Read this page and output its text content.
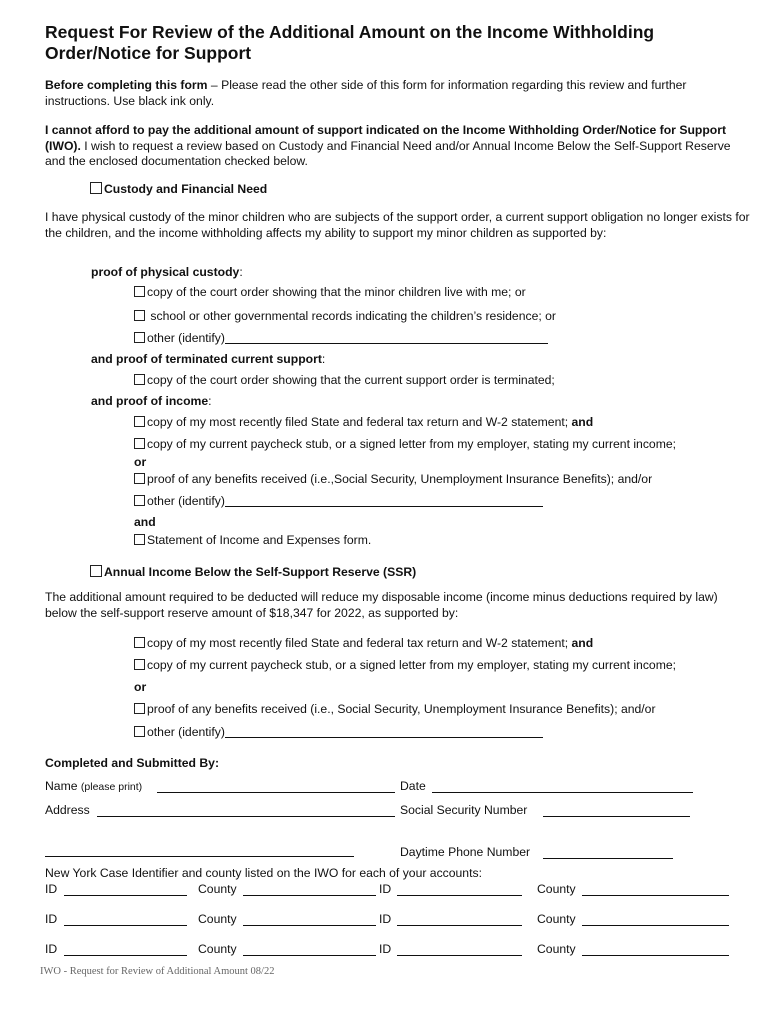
Request For Review of the Additional Amount on the Income Withholding
Order/Notice for Support
Before completing this form – Please read the other side of this form for information regarding this review and further instructions. Use black ink only.
I cannot afford to pay the additional amount of support indicated on the Income Withholding Order/Notice for Support (IWO). I wish to request a review based on Custody and Financial Need and/or Annual Income Below the Self-Support Reserve and the enclosed documentation checked below.
Custody and Financial Need
I have physical custody of the minor children who are subjects of the support order, a current support obligation no longer exists for the children, and the income withholding affects my ability to support my minor children as supported by:
proof of physical custody:
copy of the court order showing that the minor children live with me; or
school or other governmental records indicating the children’s residence; or
other (identify)
and proof of terminated current support:
copy of the court order showing that the current support order is terminated;
and proof of income:
copy of my most recently filed State and federal tax return and W-2 statement; and
copy of my current paycheck stub, or a signed letter from my employer, stating my current income;
or
proof of any benefits received (i.e.,Social Security, Unemployment Insurance Benefits); and/or
other (identify)
and
Statement of Income and Expenses form.
Annual Income Below the Self-Support Reserve (SSR)
The additional amount required to be deducted will reduce my disposable income (income minus deductions required by law) below the self-support reserve amount of $18,347 for 2022, as supported by:
copy of my most recently filed State and federal tax return and W-2 statement; and
copy of my current paycheck stub, or a signed letter from my employer, stating my current income;
or
proof of any benefits received (i.e., Social Security, Unemployment Insurance Benefits); and/or
other (identify)
Completed and Submitted By:
Name (please print)	Date
Address	Social Security Number
Daytime Phone Number
New York Case Identifier and county listed on the IWO for each of your accounts:
ID	County	ID	County
ID	County	ID	County
ID	County	ID	County
IWO - Request for Review of Additional Amount 08/22
